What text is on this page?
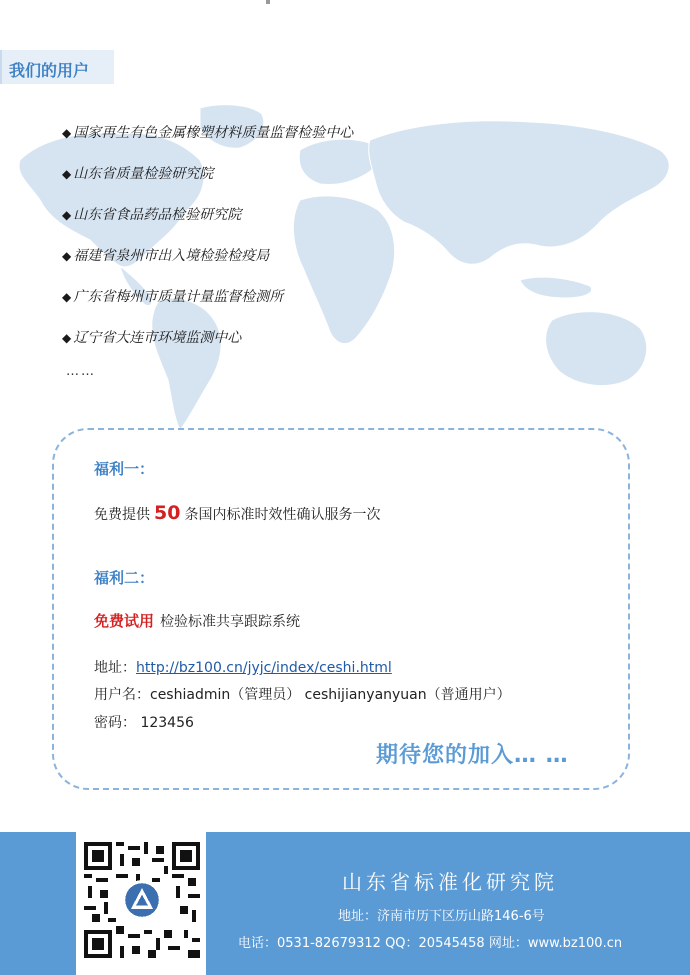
我们的用户
◆ 国家再生有色金属橡塑材料质量监督检验中心
◆ 山东省质量检验研究院
◆ 山东省食品药品检验研究院
◆ 福建省泉州市出入境检验检疫局
◆ 广东省梅州市质量计量监督检测所
◆ 辽宁省大连市环境监测中心
……
福利一：
免费提供 50 条国内标准时效性确认服务一次
福利二：
免费试用 检验标准共享跟踪系统
地址：http://bz100.cn/jyjc/index/ceshi.html
用户名：ceshiadmin（管理员） ceshijianyanyuan（普通用户）
密码： 123456
期待您的加入… …
山东省标准化研究院
地址：济南市历下区历山路146-6号
电话：0531-82679312 QQ：20545458 网址：www.bz100.cn
